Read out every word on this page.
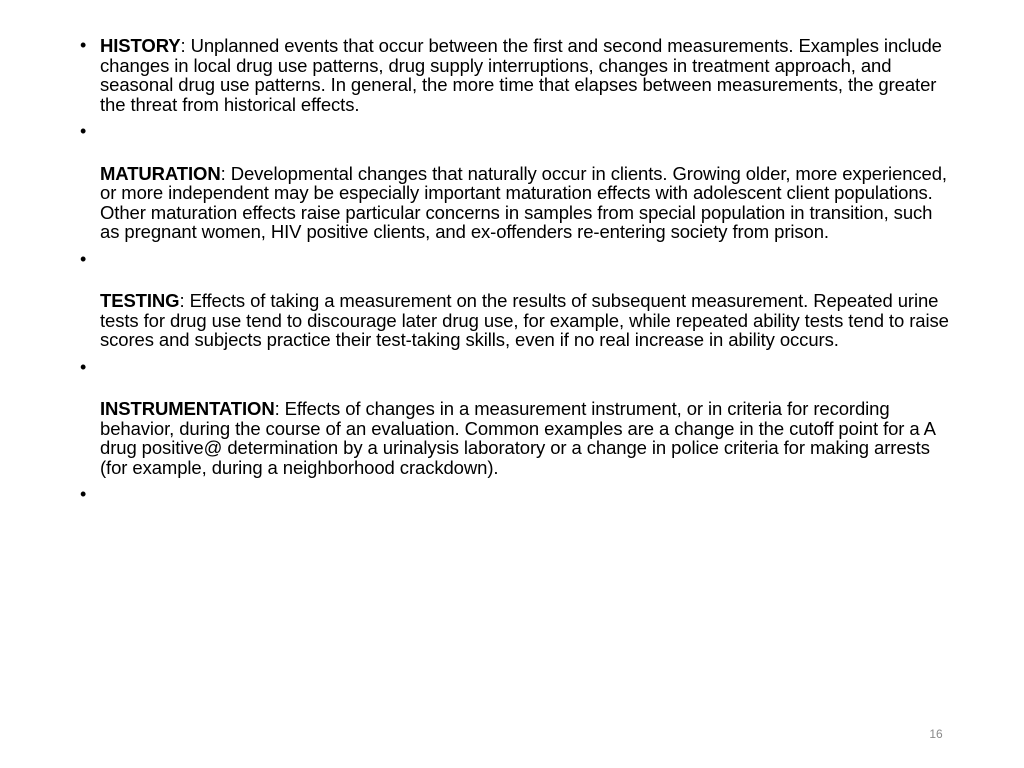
• HISTORY: Unplanned events that occur between the first and second measurements. Examples include changes in local drug use patterns, drug supply interruptions, changes in treatment approach, and seasonal drug use patterns. In general, the more time that elapses between measurements, the greater the threat from historical effects.
•
MATURATION: Developmental changes that naturally occur in clients. Growing older, more experienced, or more independent may be especially important maturation effects with adolescent client populations. Other maturation effects raise particular concerns in samples from special population in transition, such as pregnant women, HIV positive clients, and ex-offenders re-entering society from prison.
•
TESTING: Effects of taking a measurement on the results of subsequent measurement. Repeated urine tests for drug use tend to discourage later drug use, for example, while repeated ability tests tend to raise scores and subjects practice their test-taking skills, even if no real increase in ability occurs.
•
INSTRUMENTATION: Effects of changes in a measurement instrument, or in criteria for recording behavior, during the course of an evaluation. Common examples are a change in the cutoff point for a A drug positive@ determination by a urinalysis laboratory or a change in police criteria for making arrests (for example, during a neighborhood crackdown).
•
16
